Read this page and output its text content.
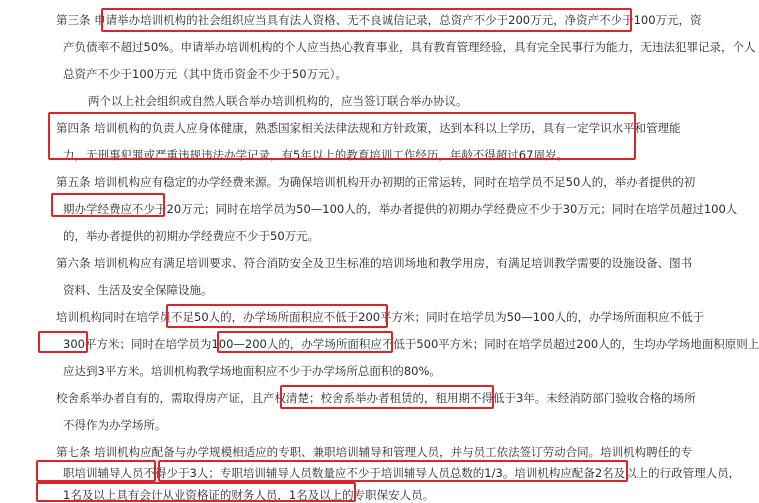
第三条 申请举办培训机构的社会组织应当具有法人资格、无不良诚信记录，总资产不少于200万元，净资产不少于100万元，资
产负债率不超过50%。申请举办培训机构的个人应当热心教育事业，具有教育管理经验，具有完全民事行为能力，无违法犯罪记录，个人
总资产不少于100万元（其中货币资金不少于50万元）。
两个以上社会组织或自然人联合举办培训机构的，应当签订联合举办协议。
第四条 培训机构的负责人应身体健康，熟悉国家相关法律法规和方针政策，达到本科以上学历，具有一定学识水平和管理能
力，无刑事犯罪或严重违规违法办学记录，有5年以上的教育培训工作经历，年龄不得超过67周岁。
第五条 培训机构应有稳定的办学经费来源。为确保培训机构开办初期的正常运转，同时在培学员不足50人的，举办者提供的初
期办学经费应不少于20万元；同时在培学员为50—100人的，举办者提供的初期办学经费应不少于30万元；同时在培学员超过100人
的，举办者提供的初期办学经费应不少于50万元。
第六条 培训机构应有满足培训要求、符合消防安全及卫生标准的培训场地和教学用房，有满足培训教学需要的设施设备、图书
资料、生活及安全保障设施。
培训机构同时在培学员不足50人的，办学场所面积应不低于200平方米；同时在培学员为50—100人的，办学场所面积应不低于
300平方米；同时在培学员为100—200人的，办学场所面积应不低于500平方米；同时在培学员超过200人的，生均办学场地面积原则上
应达到3平方米。培训机构教学场地面积应不少于办学场所总面积的80%。
校舍系举办者自有的，需取得房产证，且产权清楚；校舍系举办者租赁的，租用期不得低于3年。未经消防部门验收合格的场所
不得作为办学场所。
第七条 培训机构应配备与办学规模相适应的专职、兼职培训辅导和管理人员，并与员工依法签订劳动合同。培训机构聘任的专
职培训辅导人员不得少于3人；专职培训辅导人员数量应不少于培训辅导人员总数的1/3。培训机构应配备2名及以上的行政管理人员，
1名及以上具有会计从业资格证的财务人员，1名及以上的专职保安人员。
